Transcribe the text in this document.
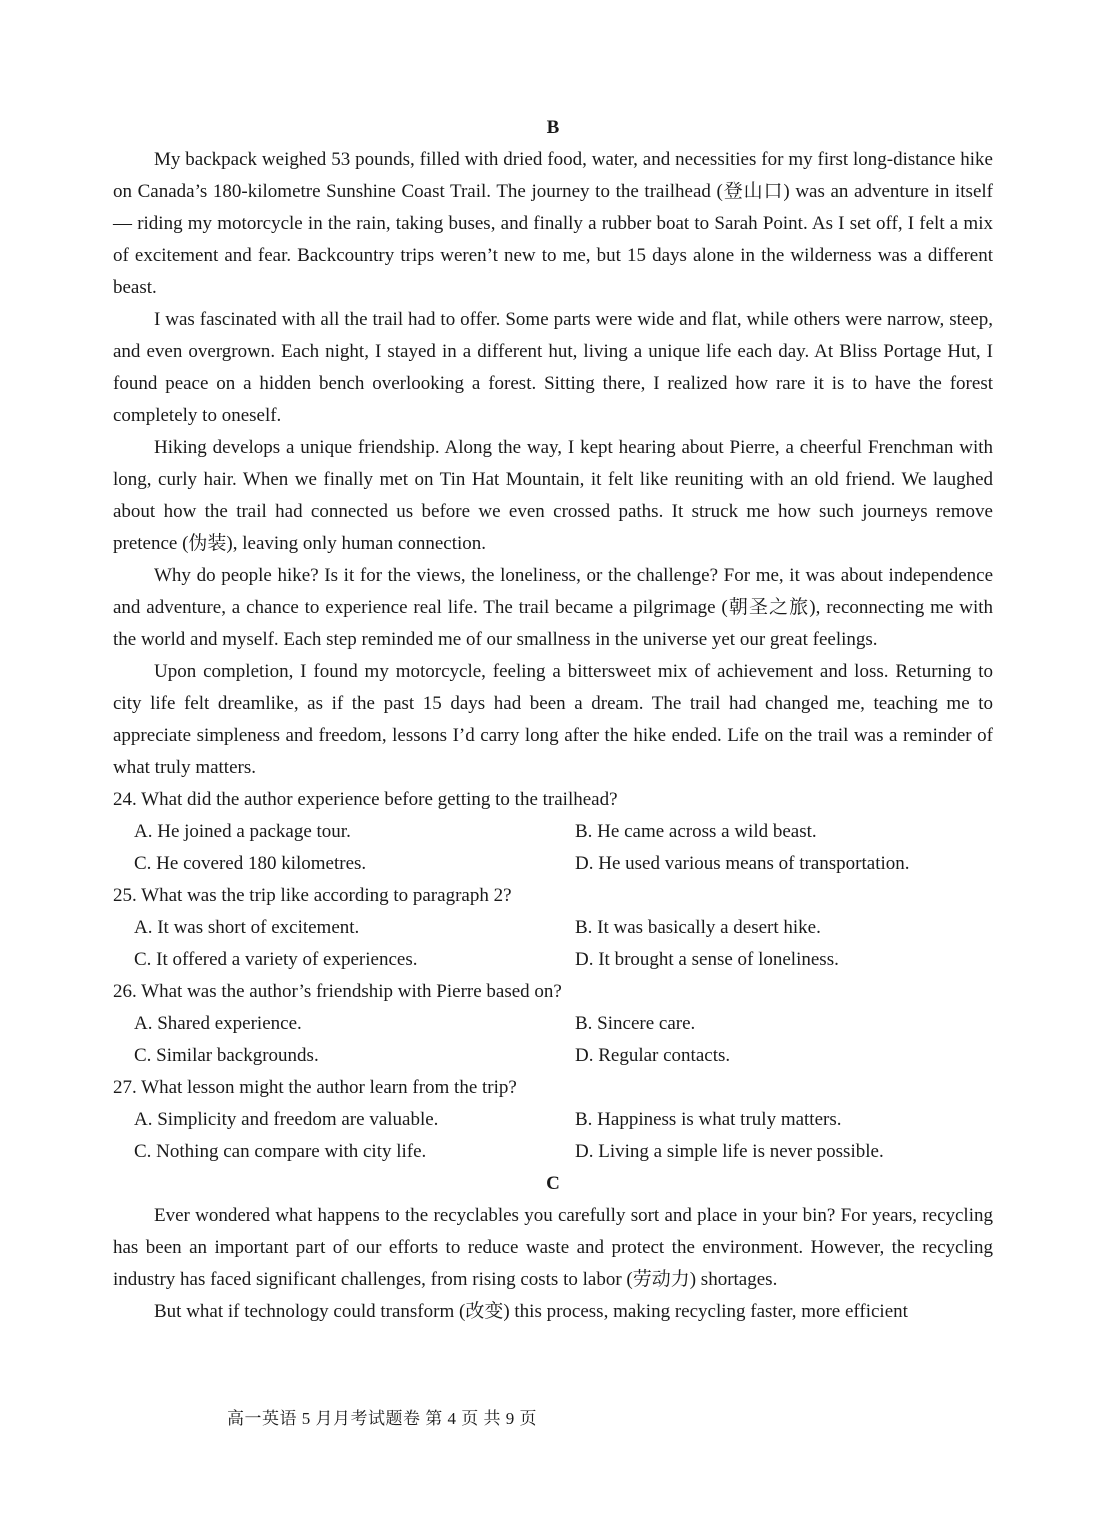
B

My backpack weighed 53 pounds, filled with dried food, water, and necessities for my first long-distance hike on Canada’s 180-kilometre Sunshine Coast Trail. The journey to the trailhead (登山口) was an adventure in itself — riding my motorcycle in the rain, taking buses, and finally a rubber boat to Sarah Point. As I set off, I felt a mix of excitement and fear. Backcountry trips weren’t new to me, but 15 days alone in the wilderness was a different beast.

I was fascinated with all the trail had to offer. Some parts were wide and flat, while others were narrow, steep, and even overgrown. Each night, I stayed in a different hut, living a unique life each day. At Bliss Portage Hut, I found peace on a hidden bench overlooking a forest. Sitting there, I realized how rare it is to have the forest completely to oneself.

Hiking develops a unique friendship. Along the way, I kept hearing about Pierre, a cheerful Frenchman with long, curly hair. When we finally met on Tin Hat Mountain, it felt like reuniting with an old friend. We laughed about how the trail had connected us before we even crossed paths. It struck me how such journeys remove pretence (伪装), leaving only human connection.

Why do people hike? Is it for the views, the loneliness, or the challenge? For me, it was about independence and adventure, a chance to experience real life. The trail became a pilgrimage (朝圣之旅), reconnecting me with the world and myself. Each step reminded me of our smallness in the universe yet our great feelings.

Upon completion, I found my motorcycle, feeling a bittersweet mix of achievement and loss. Returning to city life felt dreamlike, as if the past 15 days had been a dream. The trail had changed me, teaching me to appreciate simpleness and freedom, lessons I’d carry long after the hike ended. Life on the trail was a reminder of what truly matters.

24. What did the author experience before getting to the trailhead?

A. He joined a package tour.	B. He came across a wild beast.
C. He covered 180 kilometres.	D. He used various means of transportation.

25. What was the trip like according to paragraph 2?

A. It was short of excitement.	B. It was basically a desert hike.
C. It offered a variety of experiences.	D. It brought a sense of loneliness.

26. What was the author’s friendship with Pierre based on?

A. Shared experience.	B. Sincere care.
C. Similar backgrounds.	D. Regular contacts.

27. What lesson might the author learn from the trip?

A. Simplicity and freedom are valuable.	B. Happiness is what truly matters.
C. Nothing can compare with city life.	D. Living a simple life is never possible.
C

Ever wondered what happens to the recyclables you carefully sort and place in your bin? For years, recycling has been an important part of our efforts to reduce waste and protect the environment. However, the recycling industry has faced significant challenges, from rising costs to labor (劳动力) shortages.

But what if technology could transform (改变) this process, making recycling faster, more efficient

高一英语 5 月月考试题卷 第 4 页 共 9 页
